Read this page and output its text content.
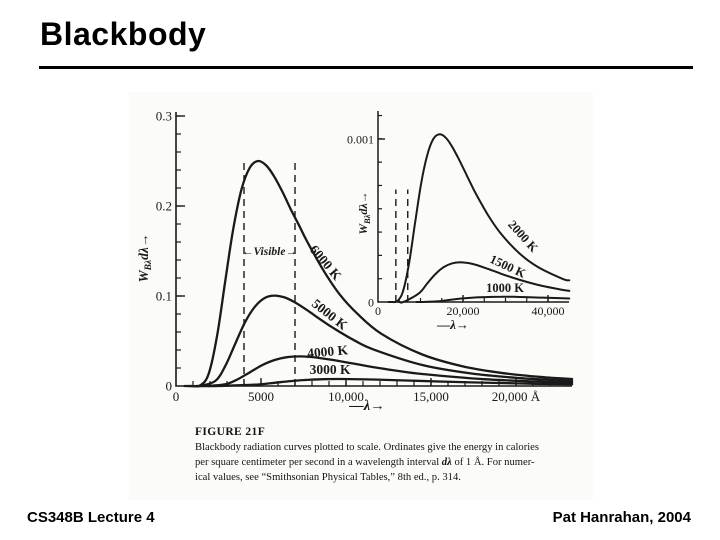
Blackbody
0	5000	10,000	15,000	20,000 Å
0
0.1
0.2
0.3
6000 K
5000 K
4000 K
3000 K
←Visible→
—λ→
$W_{B\lambda}d\lambda\to$
0	20,000	40,000
0
0.001
2000 K
1500 K
1000 K
—λ→
$W_{B\lambda}d\lambda\to$
FIGURE 21F
Blackbody radiation curves plotted to scale. Ordinates give the energy in calories
per square centimeter per second in a wavelength interval dλ of 1 Å. For numer-
ical values, see “Smithsonian Physical Tables,” 8th ed., p. 314.
CS348B Lecture 4	Pat Hanrahan, 2004
